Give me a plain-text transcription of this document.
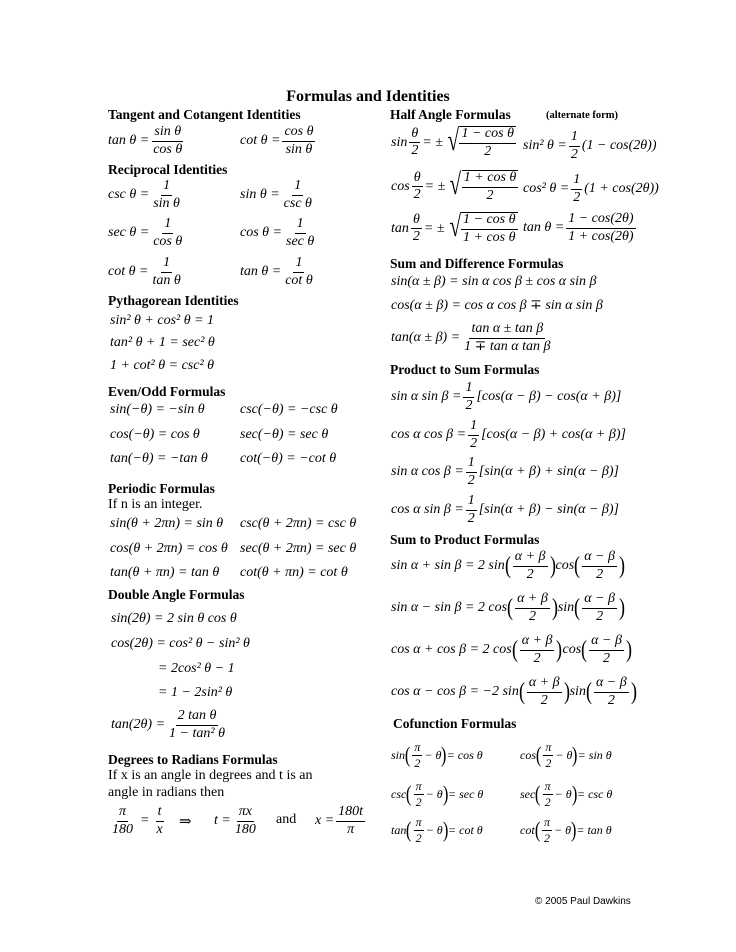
Formulas and Identities
Tangent and Cotangent Identities
$\tan \theta = \frac{\text{sin θ}}{\text{cos θ}}$	$\cot \theta = \frac{\text{cos θ}}{\text{sin θ}}$
Reciprocal Identities
$\csc \theta = \frac{1}{\text{sin θ}}$	$\sin \theta = \frac{1}{\text{csc θ}}$
$\sec \theta = \frac{1}{\text{cos θ}}$	$\cos \theta = \frac{1}{\text{sec θ}}$
$\cot \theta = \frac{1}{\text{tan θ}}$	$\tan \theta = \frac{1}{\text{cot θ}}$
Pythagorean Identities
sin² θ + cos² θ = 1
tan² θ + 1 = sec² θ
1 + cot² θ = csc² θ
Even/Odd Formulas
sin(−θ) = −sin θ	csc(−θ) = −csc θ
cos(−θ) = cos θ	sec(−θ) = sec θ
tan(−θ) = −tan θ cot(−θ) = −cot θ
Periodic Formulas
If n is an integer.
sin(θ + 2πn) = sin θ csc(θ + 2πn) = csc θ
cos(θ + 2πn) = cos θ sec(θ + 2πn) = sec θ
tan(θ + πn) = tan θ cot(θ + πn) = cot θ
Double Angle Formulas
sin(2θ) = 2 sin θ cos θ
cos(2θ) = cos² θ − sin² θ
= 2cos² θ − 1
= 1 − 2sin² θ
$\tan(2\theta) = \frac{\text{2 tan θ}}{\text{1 − tan² θ}}$
Degrees to Radians Formulas
If x is an angle in degrees and t is an
angle in radians then
$\frac{\pi}{180} = \frac{t}{x}$ ⇒ $t = \frac{\pi x}{180}$ and $x = \frac{180t}{\pi}$
Half Angle Formulas	(alternate form)
$\sin \frac{\theta}{2}$ = ± √ $\frac{\text{1 − cos θ}}{2} \sin^2$ $\theta = \frac{1}{2} (1 - \cos(2\theta))$
$\cos \frac{\theta}{2}$ = ± √ $\frac{\text{1 + cos θ}}{2} \cos^2$ $\theta = \frac{1}{2} (1 + \cos(2\theta))$
$\tan \frac{\theta}{2}$ = ± √ $\frac{\text{1 − cos θ}}{\text{1 + cos θ}}$ $\tan \theta = \frac{1 - \cos(2\theta)}{1 + \cos(2\theta)}$
Sum and Difference Formulas
sin(α ± β) = sin α cos β ± cos α sin β
cos(α ± β) = cos α cos β ∓ sin α sin β
$\tan(\alpha \pm \beta) = \frac{\text{tan α ± tan β}}{\text{1 ∓ tan α tan β}}$
Product to Sum Formulas
sin α $\sin \beta = \frac{1}{2} [\cos(\alpha - \beta) - \cos(\alpha + \beta)]$
cos α $\cos \beta = \frac{1}{2} [\cos(\alpha - \beta) + \cos(\alpha + \beta)]$
sin α $\cos \beta = \frac{1}{2} [\sin(\alpha + \beta) + \sin(\alpha - \beta)]$
cos α $\sin \beta = \frac{1}{2} [\sin(\alpha + \beta) - \sin(\alpha - \beta)]$
Sum to Product Formulas
sin α + sin β = 2 sin ( $\frac{\alpha + \beta}{2}$ ) cos ( $\frac{\alpha - \beta}{2}$ )
sin α − sin β = 2 cos ( $\frac{\alpha + \beta}{2}$ ) sin ( $\frac{\alpha - \beta}{2}$ )
cos α + cos β = 2 cos ( $\frac{\alpha + \beta}{2}$ ) cos ( $\frac{\alpha - \beta}{2}$ )
cos α − cos β = −2 sin ( $\frac{\alpha + \beta}{2}$ ) sin ( $\frac{\alpha - \beta}{2}$ )
Cofunction Formulas
sin ( $\frac{\pi}{2} - \theta$ ) = cos θ	cos ( $\frac{\pi}{2} - \theta$ ) = sin θ
csc ( $\frac{\pi}{2} - \theta$ ) = sec θ	sec ( $\frac{\pi}{2} - \theta$ ) = csc θ
tan ( $\frac{\pi}{2} - \theta$ ) = cot θ	cot ( $\frac{\pi}{2} - \theta$ ) = tan θ
© 2005 Paul Dawkins
